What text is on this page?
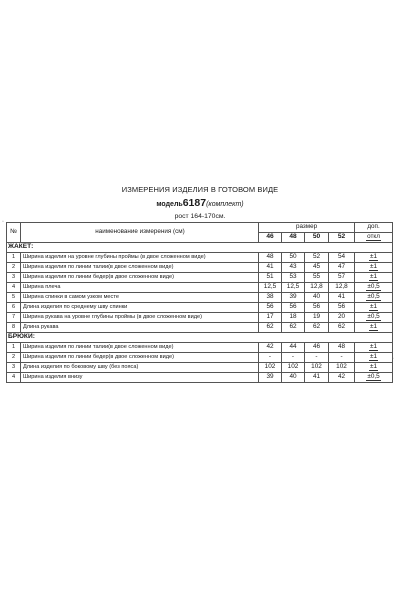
ИЗМЕРЕНИЯ ИЗДЕЛИЯ В ГОТОВОМ ВИДЕ
модель6187(комплект)
рост 164-170см.
▫
▫
№	наименование измерения (см)	размер				доп.
		46	48	50	52	откл
ЖАКЕТ:						
1	Ширина изделия на уровне глубины проймы (в двое сложенном виде)	48	50	52	54	±1
2	Ширина изделия по линии талии(в двое сложенном виде)	41	43	45	47	±1
3	Ширина изделия по линии бедер(в двое сложенном виде)	51	53	55	57	±1
4	Ширина плеча	12,5	12,5	12,8	12,8	±0,5
5	Ширина спинки в самом узком месте	38	39	40	41	±0,5
6	Длина изделия по среднему шву спинки	56	56	56	56	±1
7	Ширина рукава на уровне глубины проймы (в двое сложенном виде)	17	18	19	20	±0,5
8	Длина рукава	62	62	62	62	±1
БРЮКИ:						
1	Ширина изделия по линии талии(в двое сложенном виде)	42	44	46	48	±1
2	Ширина изделия по линии бедер(в двое сложенном виде)	-	-	-	-	±1
3	Длина изделия по боковому шву (без пояса)	102	102	102	102	±1
4	Ширина изделия внизу	39	40	41	42	±0,5
